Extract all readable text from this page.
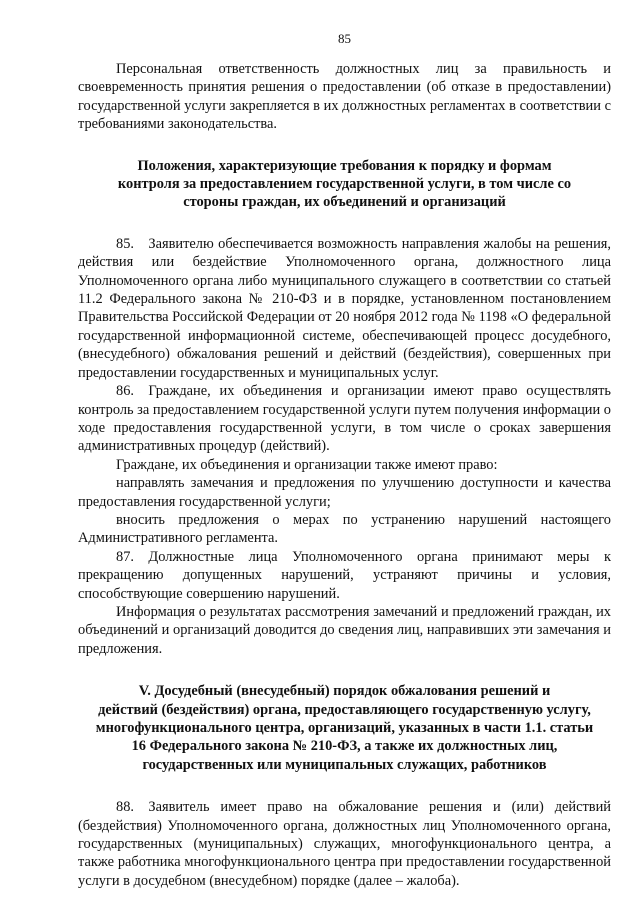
85

Персональная ответственность должностных лиц за правильность и своевременность принятия решения о предоставлении (об отказе в предоставлении) государственной услуги закрепляется в их должностных регламентах в соответствии с требованиями законодательства.

Положения, характеризующие требования к порядку и формам
контроля за предоставлением государственной услуги, в том числе со
стороны граждан, их объединений и организаций

85. Заявителю обеспечивается возможность направления жалобы на решения, действия или бездействие Уполномоченного органа, должностного лица Уполномоченного органа либо муниципального служащего в соответствии со статьей 11.2 Федерального закона № 210-ФЗ и в порядке, установленном постановлением Правительства Российской Федерации от 20 ноября 2012 года № 1198 «О федеральной государственной информационной системе, обеспечивающей процесс досудебного, (внесудебного) обжалования решений и действий (бездействия), совершенных при предоставлении государственных и муниципальных услуг.

86. Граждане, их объединения и организации имеют право осуществлять контроль за предоставлением государственной услуги путем получения информации о ходе предоставления государственной услуги, в том числе о сроках завершения административных процедур (действий).

Граждане, их объединения и организации также имеют право:

направлять замечания и предложения по улучшению доступности и качества предоставления государственной услуги;

вносить предложения о мерах по устранению нарушений настоящего Административного регламента.

87. Должностные лица Уполномоченного органа принимают меры к прекращению допущенных нарушений, устраняют причины и условия, способствующие совершению нарушений.

Информация о результатах рассмотрения замечаний и предложений граждан, их объединений и организаций доводится до сведения лиц, направивших эти замечания и предложения.

V. Досудебный (внесудебный) порядок обжалования решений и
действий (бездействия) органа, предоставляющего государственную услугу,
многофункционального центра, организаций, указанных в части 1.1. статьи
16 Федерального закона № 210-ФЗ, а также их должностных лиц,
государственных или муниципальных служащих, работников

88. Заявитель имеет право на обжалование решения и (или) действий (бездействия) Уполномоченного органа, должностных лиц Уполномоченного органа, государственных (муниципальных) служащих, многофункционального центра, а также работника многофункционального центра при предоставлении государственной услуги в досудебном (внесудебном) порядке (далее – жалоба).
